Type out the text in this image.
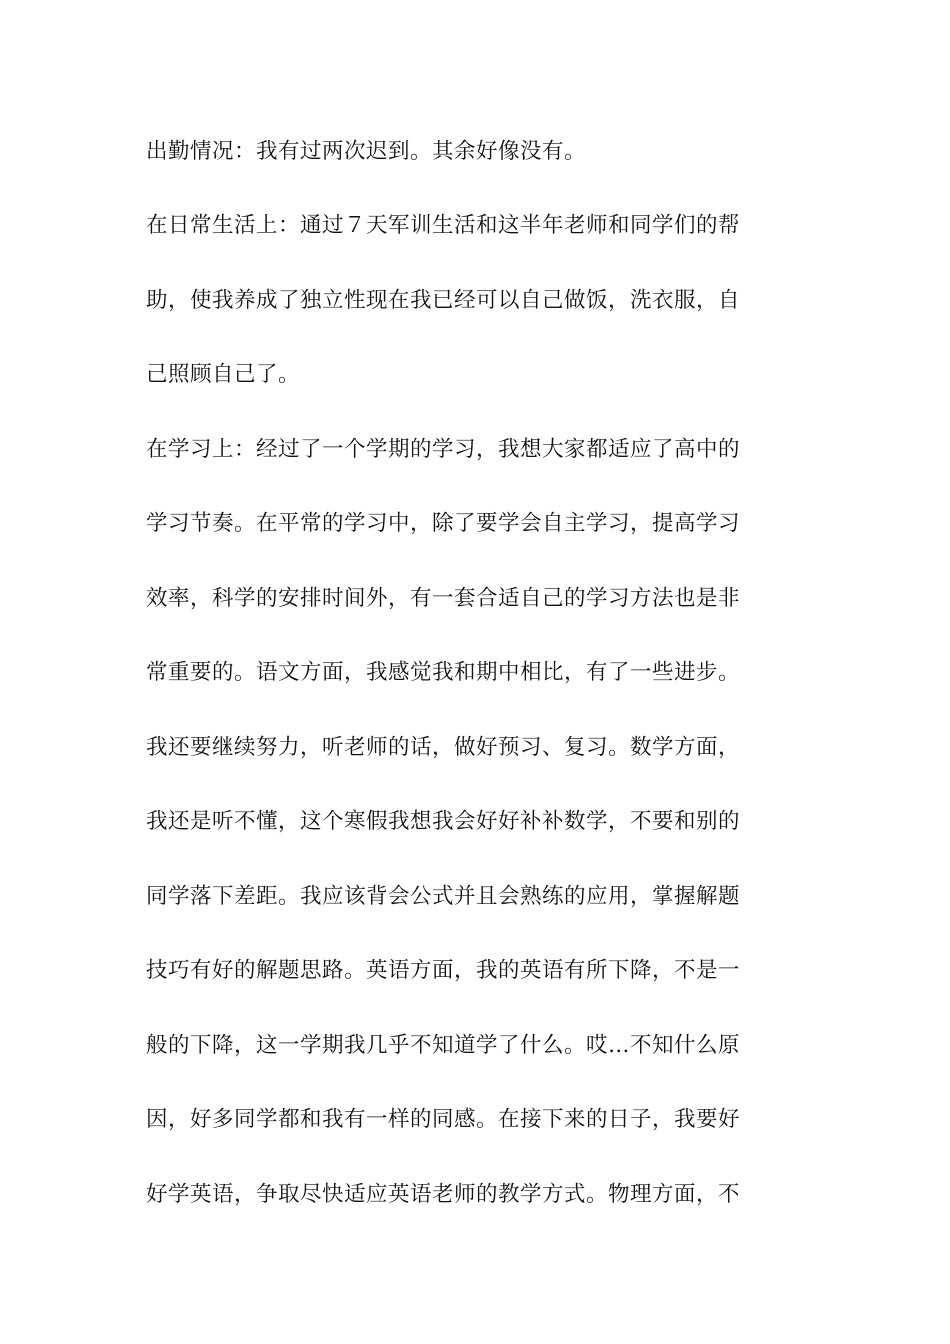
出勤情况：我有过两次迟到。其余好像没有。
在日常生活上：通过７天军训生活和这半年老师和同学们的帮
助，使我养成了独立性现在我已经可以自己做饭，洗衣服，自
己照顾自己了。
在学习上：经过了一个学期的学习，我想大家都适应了高中的
学习节奏。在平常的学习中，除了要学会自主学习，提高学习
效率，科学的安排时间外，有一套合适自己的学习方法也是非
常重要的。语文方面，我感觉我和期中相比，有了一些进步。
我还要继续努力，听老师的话，做好预习、复习。数学方面，
我还是听不懂，这个寒假我想我会好好补补数学，不要和别的
同学落下差距。我应该背会公式并且会熟练的应用，掌握解题
技巧有好的解题思路。英语方面，我的英语有所下降，不是一
般的下降，这一学期我几乎不知道学了什么。哎…不知什么原
因，好多同学都和我有一样的同感。在接下来的日子，我要好
好学英语，争取尽快适应英语老师的教学方式。物理方面，不
